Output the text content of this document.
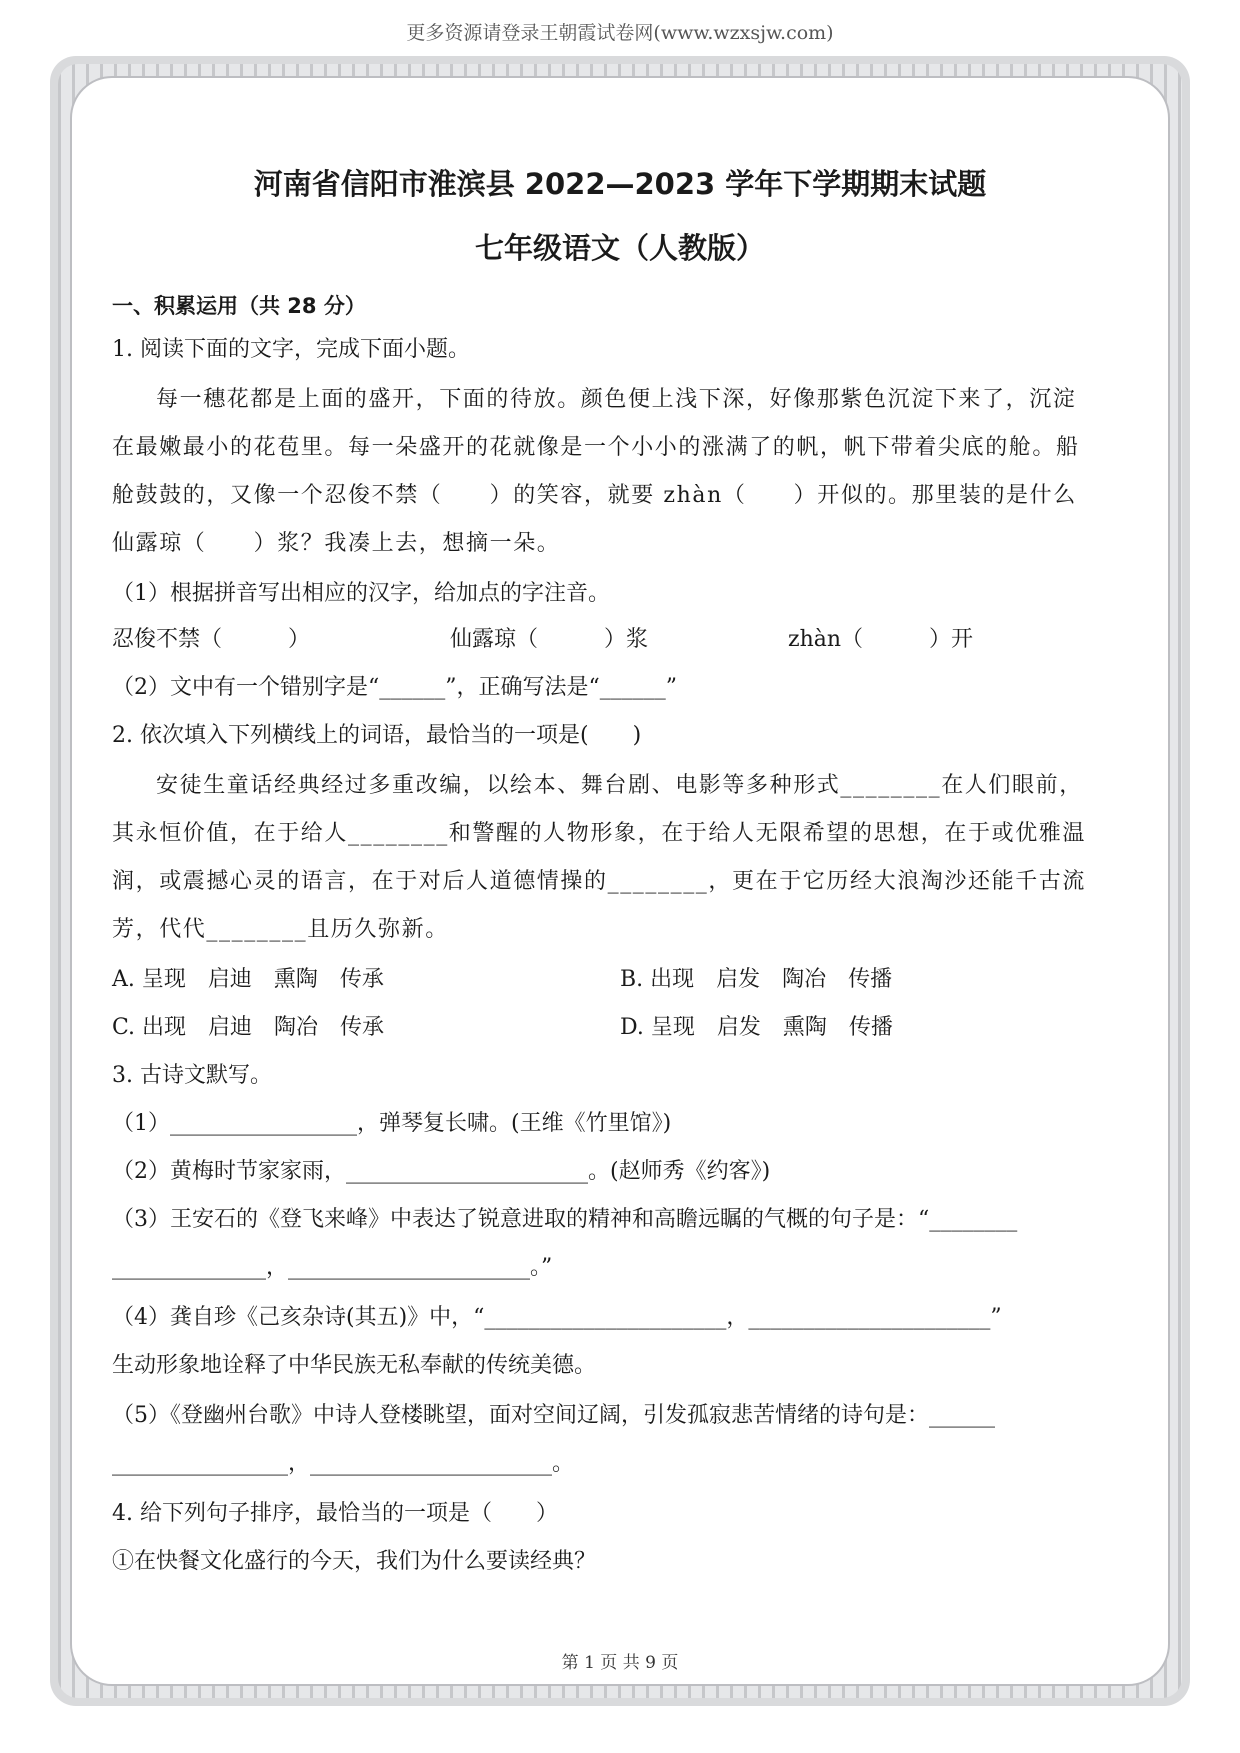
更多资源请登录王朝霞试卷网(www.wzxsjw.com)
河南省信阳市淮滨县 2022—2023 学年下学期期末试题
七年级语文（人教版）
一、积累运用（共 28 分）
1. 阅读下面的文字，完成下面小题。
每一穗花都是上面的盛开，下面的待放。颜色便上浅下深，好像那紫色沉淀下来了，沉淀
在最嫩最小的花苞里。每一朵盛开的花就像是一个小小的涨满了的帆，帆下带着尖底的舱。船
舱鼓鼓的，又像一个忍俊不禁（　　）的笑容，就要 zhàn（　　）开似的。那里装的是什么
仙露琼（　　）浆？我凑上去，想摘一朵。
（1）根据拼音写出相应的汉字，给加点的字注音。
忍俊不禁（　　　）	仙露琼（　　　）浆	zhàn（　　　）开
（2）文中有一个错别字是“______”，正确写法是“______”
2. 依次填入下列横线上的词语，最恰当的一项是(　　)
安徒生童话经典经过多重改编，以绘本、舞台剧、电影等多种形式________在人们眼前，
其永恒价值，在于给人________和警醒的人物形象，在于给人无限希望的思想，在于或优雅温
润，或震撼心灵的语言，在于对后人道德情操的________，更在于它历经大浪淘沙还能千古流
芳，代代________且历久弥新。
A. 呈现　启迪　熏陶　传承	B. 出现　启发　陶冶　传播
C. 出现　启迪　陶冶　传承	D. 呈现　启发　熏陶　传播
3. 古诗文默写。
（1）_________________，弹琴复长啸。(王维《竹里馆》)
（2）黄梅时节家家雨，______________________。(赵师秀《约客》)
（3）王安石的《登飞来峰》中表达了锐意进取的精神和高瞻远瞩的气概的句子是：“________
______________，______________________。”
（4）龚自珍《己亥杂诗(其五)》中，“______________________，______________________”
生动形象地诠释了中华民族无私奉献的传统美德。
（5）《登幽州台歌》中诗人登楼眺望，面对空间辽阔，引发孤寂悲苦情绪的诗句是：______
________________，______________________。
4. 给下列句子排序，最恰当的一项是（　　）
①在快餐文化盛行的今天，我们为什么要读经典？
第 1 页 共 9 页
